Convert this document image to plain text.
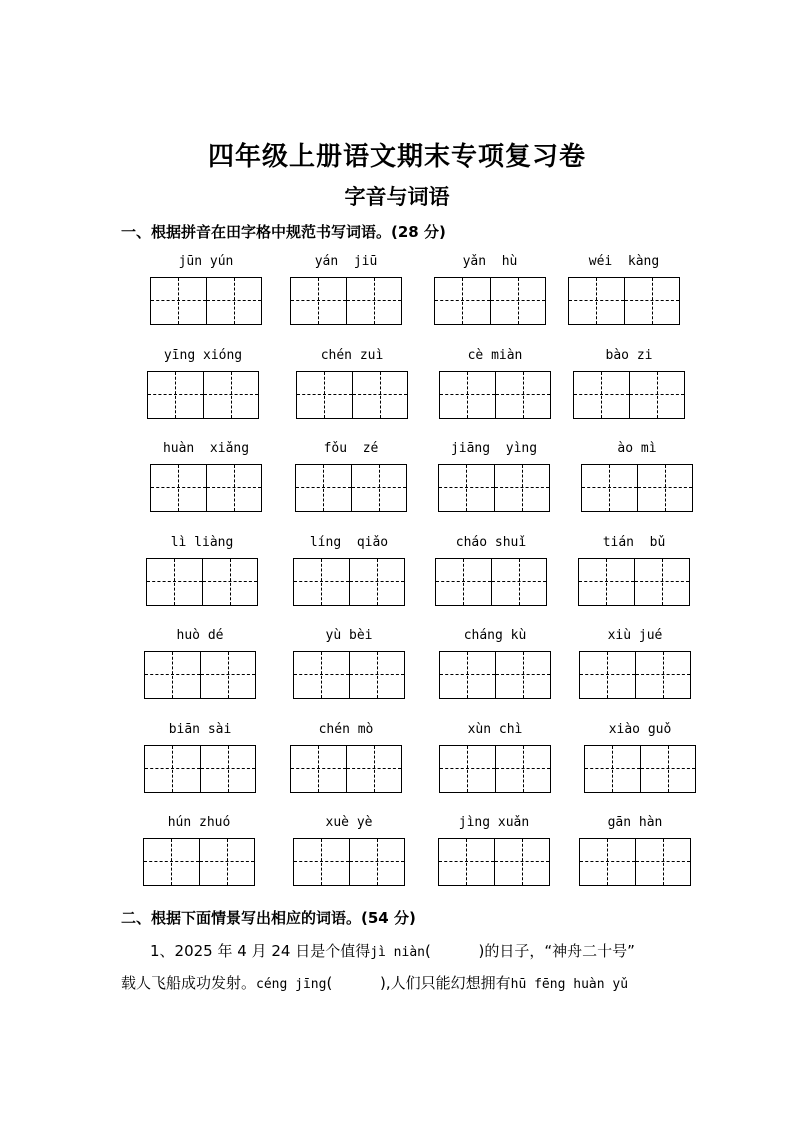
四年级上册语文期末专项复习卷
字音与词语
一、根据拼音在田字格中规范书写词语。(28 分)
jūn yún	yán  jiū	yǎn  hù	wéi  kàng
yīng xióng	chén zuì	cè miàn	bào zi
huàn  xiǎng	fǒu  zé	jiāng  yìng	ào mì
lì liàng	líng  qiǎo	cháo shuǐ	tián  bǔ
huò dé	yù bèi	cháng kù	xiù jué
biān sài	chén mò	xùn chì	xiào guǒ
hún zhuó	xuè yè	jìng xuǎn	gān hàn
二、根据下面情景写出相应的词语。(54 分)
1、2025 年 4 月 24 日是个值得jì niàn(          )的日子，“神舟二十号”
载人飞船成功发射。céng jīng(          ),人们只能幻想拥有hū fēng huàn yǔ
